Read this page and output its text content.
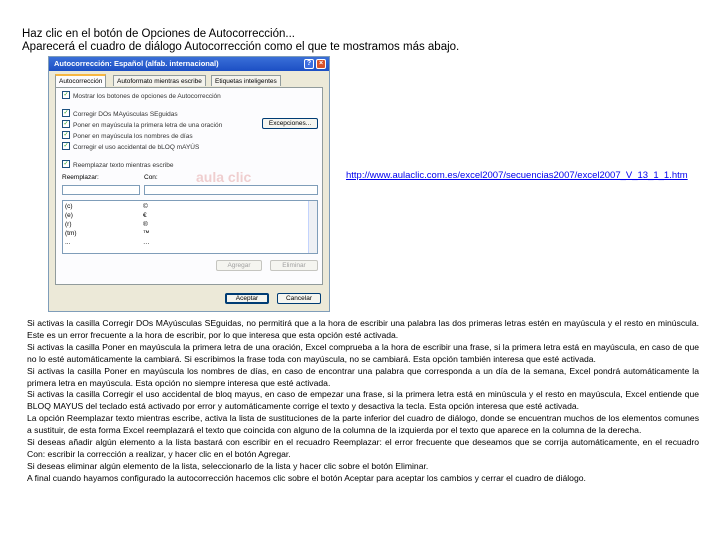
Haz clic en el botón de Opciones de Autocorrección...
Aparecerá el cuadro de diálogo Autocorrección como el que te mostramos más abajo.
Autocorrección: Español (alfab. internacional)	?	×
Autocorrección	Autoformato mientras escribe	Etiquetas inteligentes
✓ Mostrar los botones de opciones de Autocorrección
✓ Corregir DOs MAyúsculas SEguidas
✓ Poner en mayúscula la primera letra de una oración
✓ Poner en mayúscula los nombres de días
✓ Corregir el uso accidental de bLOQ mAYÚS
✓ Reemplazar texto mientras escribe
Excepciones...
aula clic
Reemplazar:	Con:
(c)	©
(e)	€
(r)	®
(tm)	™
...	…
Agregar	Eliminar
Aceptar	Cancelar
http://www.aulaclic.com.es/excel2007/secuencias2007/excel2007_V_13_1_1.htm

Si activas la casilla Corregir DOs MAyúsculas SEguidas, no permitirá que a la hora de escribir una palabra las dos primeras letras estén en mayúscula y el resto en minúscula. Este es un error frecuente a la hora de escribir, por lo que interesa que esta opción esté activada.

Si activas la casilla Poner en mayúscula la primera letra de una oración, Excel comprueba a la hora de escribir una frase, si la primera letra está en mayúscula, en caso de que no lo esté automáticamente la cambiará. Si escribimos la frase toda con mayúscula, no se cambiará. Esta opción también interesa que esté activada.

Si activas la casilla Poner en mayúscula los nombres de días, en caso de encontrar una palabra que corresponda a un día de la semana, Excel pondrá automáticamente la primera letra en mayúscula. Esta opción no siempre interesa que esté activada.

Si activas la casilla Corregir el uso accidental de bloq mayus, en caso de empezar una frase, si la primera letra está en minúscula y el resto en mayúscula, Excel entiende que BLOQ MAYUS del teclado está activado por error y automáticamente corrige el texto y desactiva la tecla. Esta opción interesa que esté activada.

La opción Reemplazar texto mientras escribe, activa la lista de sustituciones de la parte inferior del cuadro de diálogo, donde se encuentran muchos de los elementos comunes a sustituir, de esta forma Excel reemplazará el texto que coincida con alguno de la columna de la izquierda por el texto que aparece en la columna de la derecha.

Si deseas añadir algún elemento a la lista bastará con escribir en el recuadro Reemplazar: el error frecuente que deseamos que se corrija automáticamente, en el recuadro Con: escribir la corrección a realizar, y hacer clic en el botón Agregar.

Si deseas eliminar algún elemento de la lista, seleccionarlo de la lista y hacer clic sobre el botón Eliminar.

A final cuando hayamos configurado la autocorrección hacemos clic sobre el botón Aceptar para aceptar los cambios y cerrar el cuadro de diálogo.
